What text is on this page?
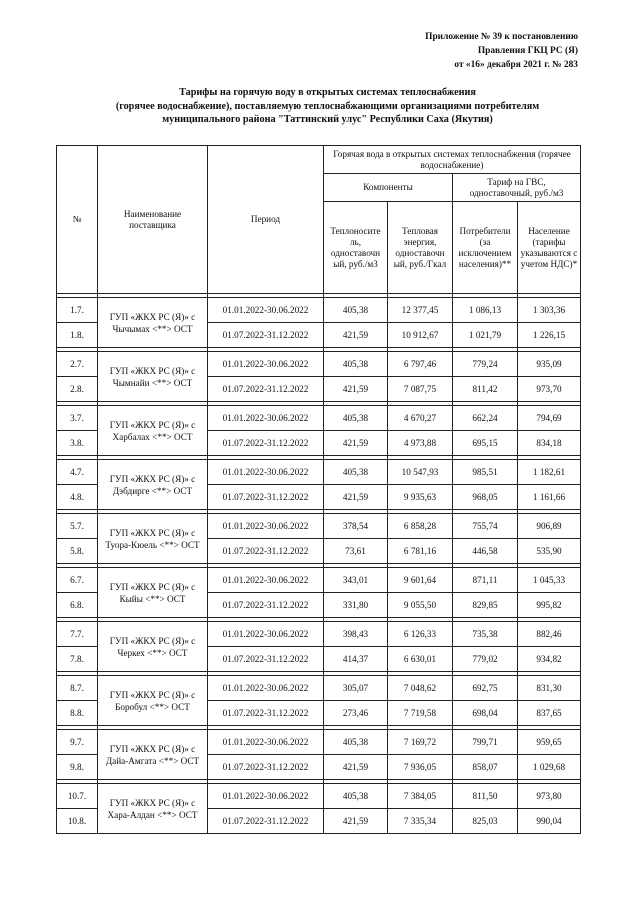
Приложение № 39 к постановлению
Правления ГКЦ РС (Я)
от «16» декабря 2021 г. № 283
Тарифы на горячую воду в открытых системах теплоснабжения
(горячее водоснабжение), поставляемую теплоснабжающими организациями потребителям
муниципального района "Таттинский улус" Республики Саха (Якутия)
№	Наименование поставщика	Период	Горячая вода в открытых системах теплоснабжения (горячее водоснабжение)			
			Компоненты		Тариф на ГВС, одноставочный, руб./м3	
			Теплоносите ль, одноставочн ый, руб./м3	Тепловая энергия, одноставочн ый, руб./Гкал	Потребители (за исключением населения)**	Население (тарифы указываются с учетом НДС)*

1.7.	ГУП «ЖКХ РС (Я)» с Чычымах <**> ОСТ	01.01.2022-30.06.2022	405,38	12 377,45	1 086,13	1 303,36
1.8.		01.07.2022-31.12.2022	421,59	10 912,67	1 021,79	1 226,15

2.7.	ГУП «ЖКХ РС (Я)» с Чымнайи <**> ОСТ	01.01.2022-30.06.2022	405,38	6 797,46	779,24	935,09
2.8.		01.07.2022-31.12.2022	421,59	7 087,75	811,42	973,70

3.7.	ГУП «ЖКХ РС (Я)» с Харбалах <**> ОСТ	01.01.2022-30.06.2022	405,38	4 670,27	662,24	794,69
3.8.		01.07.2022-31.12.2022	421,59	4 973,88	695,15	834,18

4.7.	ГУП «ЖКХ РС (Я)» с Дэбдирге <**> ОСТ	01.01.2022-30.06.2022	405,38	10 547,93	985,51	1 182,61
4.8.		01.07.2022-31.12.2022	421,59	9 935,63	968,05	1 161,66

5.7.	ГУП «ЖКХ РС (Я)» с Туора-Кюель <**> ОСТ	01.01.2022-30.06.2022	378,54	6 858,28	755,74	906,89
5.8.		01.07.2022-31.12.2022	73,61	6 781,16	446,58	535,90

6.7.	ГУП «ЖКХ РС (Я)» с Кыйы <**> ОСТ	01.01.2022-30.06.2022	343,01	9 601,64	871,11	1 045,33
6.8.		01.07.2022-31.12.2022	331,80	9 055,50	829,85	995,82

7.7.	ГУП «ЖКХ РС (Я)» с Черкех <**> ОСТ	01.01.2022-30.06.2022	398,43	6 126,33	735,38	882,46
7.8.		01.07.2022-31.12.2022	414,37	6 630,01	779,02	934,82

8.7.	ГУП «ЖКХ РС (Я)» с Боробул <**> ОСТ	01.01.2022-30.06.2022	305,07	7 048,62	692,75	831,30
8.8.		01.07.2022-31.12.2022	273,46	7 719,58	698,04	837,65

9.7.	ГУП «ЖКХ РС (Я)» с Дайа-Амгата <**> ОСТ	01.01.2022-30.06.2022	405,38	7 169,72	799,71	959,65
9.8.		01.07.2022-31.12.2022	421,59	7 936,05	858,07	1 029,68

10.7.	ГУП «ЖКХ РС (Я)» с Хара-Алдан <**> ОСТ	01.01.2022-30.06.2022	405,38	7 384,05	811,50	973,80
10.8.		01.07.2022-31.12.2022	421,59	7 335,34	825,03	990,04
